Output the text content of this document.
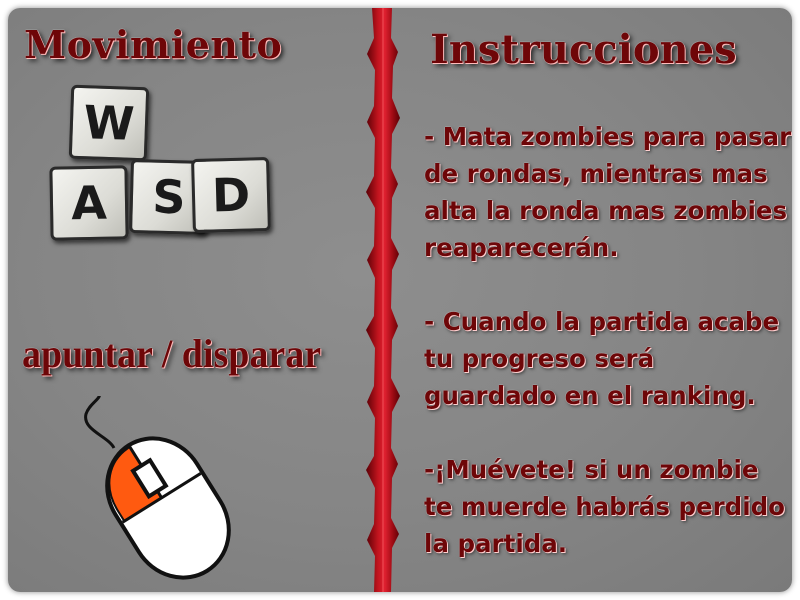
Movimiento
W
A S D
apuntar / disparar
Instrucciones

- Mata zombies para pasar de rondas, mientras mas alta la ronda mas zombies reaparecerán.

- Cuando la partida acabe tu progreso será guardado en el ranking.

-¡Muévete! si un zombie te muerde habrás perdido la partida.
